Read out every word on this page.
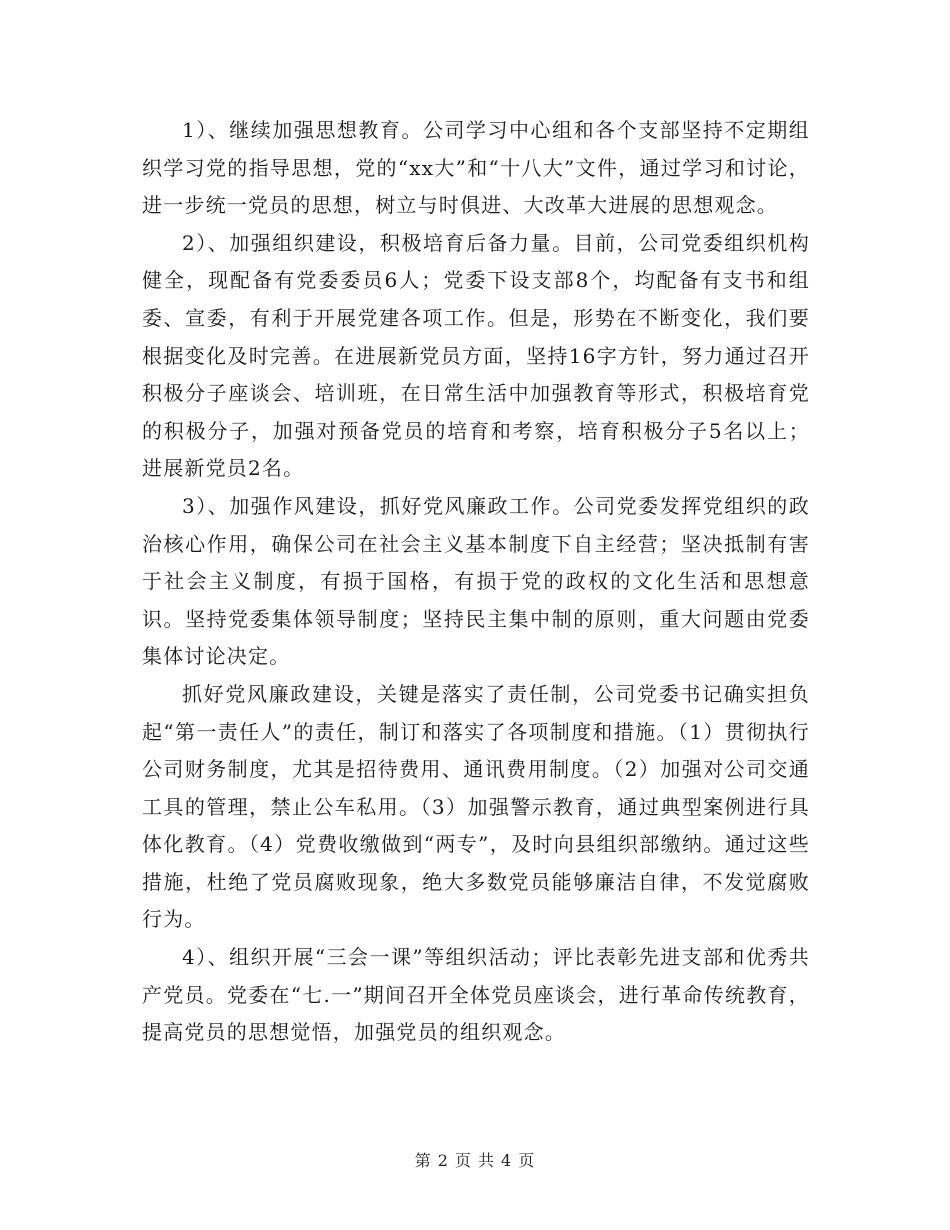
1）、继续加强思想教育。公司学习中心组和各个支部坚持不定期组织学习党的指导思想，党的“xx大”和“十八大”文件，通过学习和讨论，进一步统一党员的思想，树立与时俱进、大改革大进展的思想观念。

2）、加强组织建设，积极培育后备力量。目前，公司党委组织机构健全，现配备有党委委员6人；党委下设支部8个，均配备有支书和组委、宣委，有利于开展党建各项工作。但是，形势在不断变化，我们要根据变化及时完善。在进展新党员方面，坚持16字方针，努力通过召开积极分子座谈会、培训班，在日常生活中加强教育等形式，积极培育党的积极分子，加强对预备党员的培育和考察，培育积极分子5名以上；进展新党员2名。

3）、加强作风建设，抓好党风廉政工作。公司党委发挥党组织的政治核心作用，确保公司在社会主义基本制度下自主经营；坚决抵制有害于社会主义制度，有损于国格，有损于党的政权的文化生活和思想意识。坚持党委集体领导制度；坚持民主集中制的原则，重大问题由党委集体讨论决定。

抓好党风廉政建设，关键是落实了责任制，公司党委书记确实担负起“第一责任人”的责任，制订和落实了各项制度和措施。（1）贯彻执行公司财务制度，尤其是招待费用、通讯费用制度。（2）加强对公司交通工具的管理，禁止公车私用。（3）加强警示教育，通过典型案例进行具体化教育。（4）党费收缴做到“两专”，及时向县组织部缴纳。通过这些措施，杜绝了党员腐败现象，绝大多数党员能够廉洁自律，不发觉腐败行为。

4）、组织开展“三会一课”等组织活动；评比表彰先进支部和优秀共产党员。党委在“七.一”期间召开全体党员座谈会，进行革命传统教育，提高党员的思想觉悟，加强党员的组织观念。

第 2 页 共 4 页
